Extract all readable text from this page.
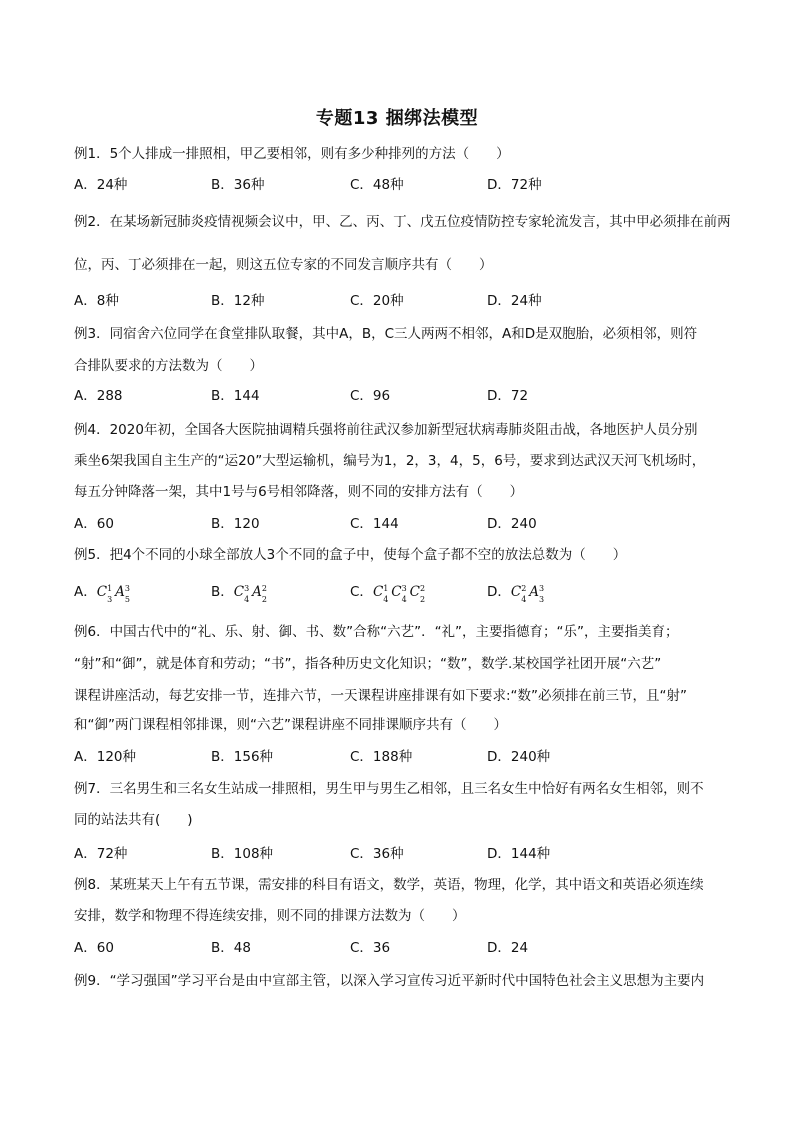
专题13 捆绑法模型
例1．5个人排成一排照相，甲乙要相邻，则有多少种排列的方法（　　）
A．24种	B．36种	C．48种	D．72种
例2．在某场新冠肺炎疫情视频会议中，甲、乙、丙、丁、戊五位疫情防控专家轮流发言，其中甲必须排在前两
位，丙、丁必须排在一起，则这五位专家的不同发言顺序共有（　　）
A．8种	B．12种	C．20种	D．24种
例3．同宿舍六位同学在食堂排队取餐，其中A，B，C三人两两不相邻，A和D是双胞胎，必须相邻，则符
合排队要求的方法数为（　　）
A．288	B．144	C．96	D．72
例4．2020年初，全国各大医院抽调精兵强将前往武汉参加新型冠状病毒肺炎阻击战，各地医护人员分别
乘坐6架我国自主生产的“运20”大型运输机，编号为1，2，3，4，5，6号，要求到达武汉天河飞机场时，
每五分钟降落一架，其中1号与6号相邻降落，则不同的安排方法有（　　）
A．60	B．120	C．144	D．240
例5．把4个不同的小球全部放人3个不同的盒子中，使每个盒子都不空的放法总数为（　　）
A．C 1
3 A 3
5	B．C 3
4 A 2
2	C．C 1
4 C 3
4 C 2
2	D．C 2
4 A 3
3
例6．中国古代中的“礼、乐、射、御、书、数”合称“六艺”．“礼”，主要指德育；“乐”，主要指美育；
“射”和“御”，就是体育和劳动；“书”，指各种历史文化知识；“数”，数学.某校国学社团开展“六艺”
课程讲座活动，每艺安排一节，连排六节，一天课程讲座排课有如下要求:“数”必须排在前三节，且“射”
和“御”两门课程相邻排课，则“六艺”课程讲座不同排课顺序共有（　　）
A．120种	B．156种	C．188种	D．240种
例7．三名男生和三名女生站成一排照相，男生甲与男生乙相邻，且三名女生中恰好有两名女生相邻，则不
同的站法共有(　　)
A．72种	B．108种	C．36种	D．144种
例8．某班某天上午有五节课，需安排的科目有语文，数学，英语，物理，化学，其中语文和英语必须连续
安排，数学和物理不得连续安排，则不同的排课方法数为（　　）
A．60	B．48	C．36	D．24
例9．“学习强国”学习平台是由中宣部主管，以深入学习宣传习近平新时代中国特色社会主义思想为主要内
